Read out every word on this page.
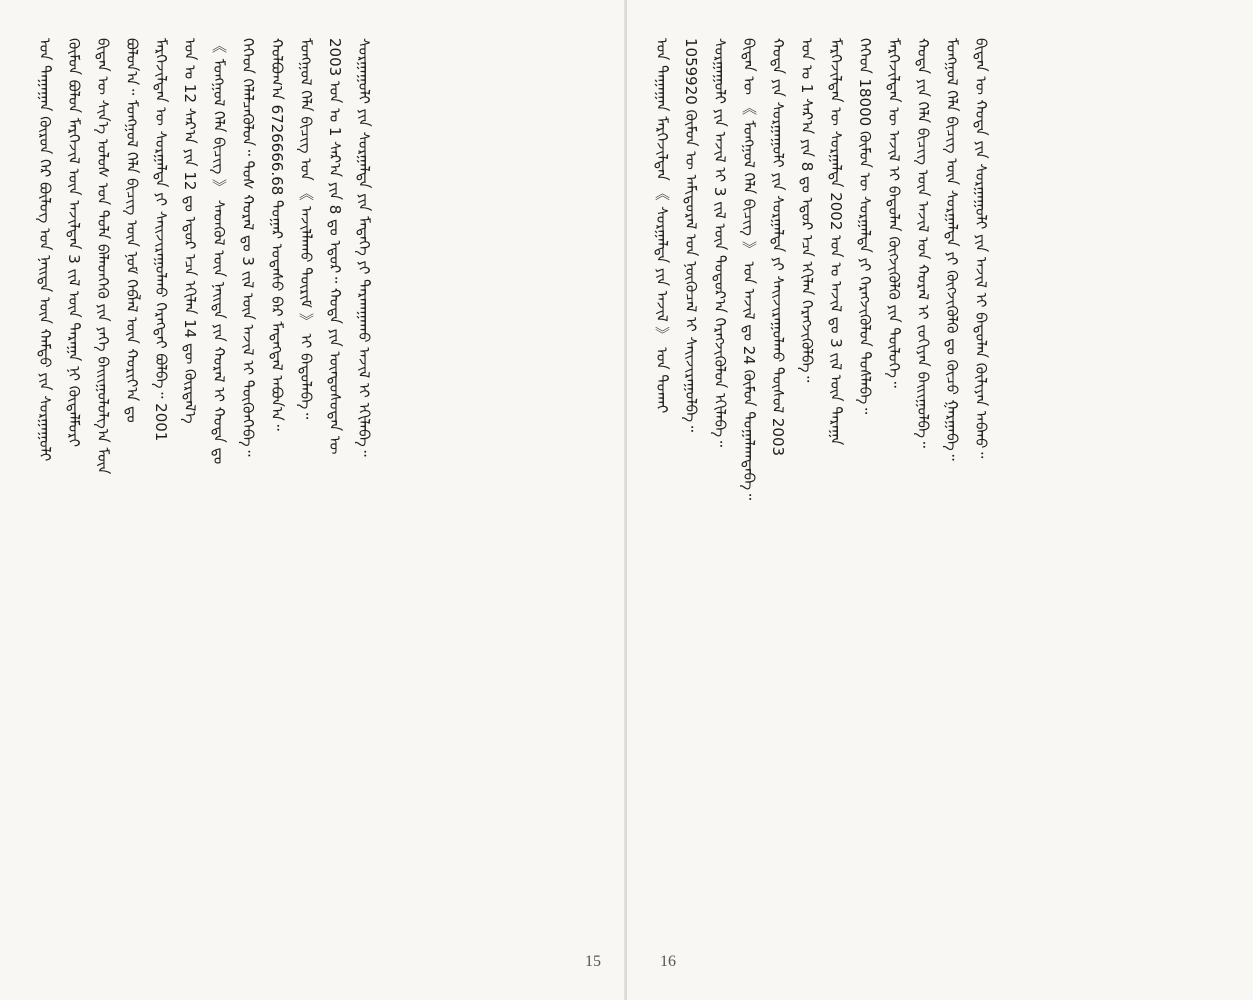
ᠤᠨ ᠳᠠᠭᠠᠭᠠᠨ ᠬᠦᠷᠦᠨ ᠭᠡᠷ ᠪᠦᠯᠦᠭ ᠤᠨ ᠨᠡᠢᠳᠡ ᠦᠨ ᠬᠠᠮᠲᠤ ᠶᠢᠨ ᠰᠤᠷᠭᠠᠭᠤᠯᠢ ᠬᠦᠮᠦᠨ ᠪᠤᠯᠤᠨ ᠮᠡᠷᠭᠡᠵᠢᠯ ᠦᠨ ᠠᠵᠢᠯᠲᠠᠨ 3 ᠵᠢᠯ ᠦᠨ ᠳᠠᠷᠠᠭᠠ ᠨᠢ ᠬᠦᠳᠡᠯᠮᠦᠷᠢ ᠪᠢᠳᠡᠨ ᠦ ᠰᠢᠨ᠎ᠡ ᠤᠯᠤᠰ ᠤᠨ ᠲᠤᠯᠠ ᠪᠡᠯᠡᠳᠬᠡᠬᠦ ᠶᠢᠨ ᠶᠡᠬᠡ ᠪᠠᠢᠢᠭᠤᠯᠤᠯᠭ᠎ᠠ ᠮᠦᠨ ᠪᠣᠯᠤᠨ᠎ᠠ᠃ ᠮᠣᠩᠭᠣᠯ ᠬᠡᠯᠡ ᠪᠢᠴᠢᠭ ᠦᠨ ᠨᠣᠮ ᠬᠡᠪᠯᠡᠯ ᠦᠨ ᠬᠣᠷᠢᠶ᠎ᠠ ᠳᠤ ᠮᠡᠷᠭᠡᠵᠢᠯᠲᠡᠨ ᠦ ᠰᠤᠷᠭᠠᠯᠲᠠ ᠶᠢ ᠰᠠᠢᠵᠢᠷᠠᠭᠤᠯᠬᠤ ᠬᠡᠷᠡᠭᠲᠡᠢ ᠪᠣᠯᠪᠠ᠃ 2001 ᠣᠨ ᠤ 12 ᠰᠠᠷ᠎ᠠ ᠶᠢᠨ 12 ᠳᠤ ᠡᠳᠦᠷ ᠡᠴᠡ ᠡᠬᠢᠯᠡᠨ 14 ᠳᠦ ᠬᠦᠷᠲᠡᠯ᠎ᠡ 《 ᠮᠣᠩᠭᠣᠯ ᠬᠡᠯᠡ ᠪᠢᠴᠢᠭ 》 ᠰᠡᠳᠬᠦᠯ ᠦᠨ ᠨᠡᠢᠳᠡ ᠶᠢᠨ ᠬᠤᠷᠠᠯ ᠢ ᠬᠣᠲᠠ ᠳᠤ ᠬᠡᠭᠡᠳ ᠬᠡᠯᠡᠯᠴᠡᠭᠦᠯᠦᠨ᠃ ᠲᠤᠰ ᠬᠤᠷᠠᠯ ᠳᠤ 3 ᠵᠢᠯ ᠦᠨ ᠠᠵᠢᠯ ᠢ ᠳᠦᠭᠦᠨᠬᠡᠪᠡ᠃ ᠬᠣᠯᠪᠣᠭ᠎ᠠ 6726666.68 ᠳᠤᠭᠠᠷ ᠤᠲᠠᠰᠤ ᠪᠠᠷ ᠮᠡᠳᠡᠭᠳᠡᠯ ᠠᠪᠤᠨ᠎ᠠ᠃ ᠮᠣᠩᠭᠣᠯ ᠬᠡᠯᠡ ᠪᠢᠴᠢᠭ ᠤᠨ 《 ᠠᠵᠢᠯᠯᠠᠬᠤ ᠳᠦᠷᠢᠮ 》 ᠢ ᠪᠠᠲᠤᠯᠠᠪᠠ᠃ 2003 ᠣᠨ ᠤ 1 ᠰᠠᠷ᠎ᠠ ᠶᠢᠨ 8 ᠳᠤ ᠡᠳᠦᠷ᠃ ᠬᠣᠲᠠ ᠶᠢᠨ ᠦᠨᠳᠦᠰᠦᠲᠡᠨ ᠦ ᠰᠤᠷᠭᠠᠭᠤᠯᠢ ᠶᠢᠨ ᠰᠤᠷᠭᠠᠯᠲᠠ ᠶᠢᠨ ᠮᠡᠳᠡᠭᠡ ᠶᠢ ᠲᠠᠷᠬᠠᠭᠠᠬᠤ ᠠᠵᠢᠯ ᠢ ᠡᠬᠢᠯᠡᠪᠡ᠃
15	16
ᠤᠨ ᠳᠠᠭᠠᠭᠠᠨ ᠮᠡᠷᠭᠡᠵᠢᠯᠲᠡᠨ 《 ᠰᠤᠷᠭᠠᠯᠲᠠ ᠶᠢᠨ ᠠᠵᠢᠯ 》 ᠤᠨ ᠲᠤᠬᠠᠢ 1059920 ᠬᠦᠮᠦᠨ ᠦ ᠠᠮᠢᠳᠤᠷᠠᠯ ᠤᠨ ᠨᠦᠬᠦᠴᠡᠯ ᠢ ᠰᠠᠢᠵᠢᠷᠠᠭᠤᠯᠪᠠ᠃ ᠰᠤᠷᠭᠠᠭᠤᠯᠢ ᠶᠢᠨ ᠠᠵᠢᠯ ᠢ 3 ᠵᠢᠯ ᠦᠨ ᠳᠤᠲᠤᠷ᠎ᠠ ᠬᠡᠷᠡᠭᠵᠢᠭᠦᠯᠦᠨ ᠡᠬᠢᠯᠡᠪᠡ᠃ ᠪᠢᠳᠡᠨ ᠦ 《 ᠮᠣᠩᠭᠣᠯ ᠬᠡᠯᠡ ᠪᠢᠴᠢᠭ 》 ᠤᠨ ᠠᠵᠢᠯ ᠳᠤ 24 ᠬᠦᠮᠦᠨ ᠲᠣᠭᠠᠯᠠᠭᠳᠠᠪᠠ᠃ ᠬᠣᠲᠠ ᠶᠢᠨ ᠰᠤᠷᠭᠠᠭᠤᠯᠢ ᠶᠢᠨ ᠰᠤᠷᠭᠠᠯᠲᠠ ᠶᠢ ᠰᠠᠢᠵᠢᠷᠠᠭᠤᠯᠬᠤ ᠲᠥᠰᠥᠯ 2003 ᠣᠨ ᠤ 1 ᠰᠠᠷ᠎ᠠ ᠶᠢᠨ 8 ᠳᠤ ᠡᠳᠦᠷ ᠡᠴᠡ ᠡᠬᠢᠯᠡᠨ ᠬᠡᠷᠡᠭᠵᠢᠭᠦᠯᠪᠡ᠃ ᠮᠡᠷᠭᠡᠵᠢᠯᠲᠡᠨ ᠦ ᠰᠤᠷᠭᠠᠯᠲᠠ 2002 ᠣᠨ ᠤ ᠠᠵᠢᠯ ᠳᠤ 3 ᠵᠢᠯ ᠦᠨ ᠳᠠᠷᠠᠭᠠ ᠬᠡᠭᠡᠳ 18000 ᠬᠦᠮᠦᠨ ᠦ ᠰᠤᠷᠭᠠᠯᠲᠠ ᠶᠢ ᠬᠡᠷᠡᠭᠵᠢᠭᠦᠯᠦᠨ ᠲᠤᠰᠯᠠᠪᠠ᠃ ᠮᠡᠷᠭᠡᠵᠢᠯᠲᠡᠨ ᠦ ᠠᠵᠢᠯ ᠢ ᠪᠠᠲᠤᠯᠠᠨ ᠬᠥᠭᠵᠢᠭᠦᠯᠬᠦ ᠶᠢᠨ ᠲᠥᠯᠦᠭᠡ᠃ ᠬᠣᠲᠠ ᠶᠢᠨ ᠬᠡᠯᠡ ᠪᠢᠴᠢᠭ ᠦᠨ ᠠᠵᠢᠯ ᠤᠨ ᠬᠤᠷᠠᠯ ᠢ ᠵᠣᠬᠢᠶᠠᠨ ᠪᠠᠢᠢᠭᠤᠯᠪᠠ᠃ ᠮᠣᠩᠭᠣᠯ ᠬᠡᠯᠡ ᠪᠢᠴᠢᠭ ᠦᠨ ᠰᠤᠷᠭᠠᠯᠲᠠ ᠶᠢ ᠬᠥᠭᠵᠢᠭᠦᠯᠬᠦ ᠳᠤ ᠬᠦᠴᠦ ᠭᠠᠷᠭᠠᠪᠠ᠃ ᠪᠢᠳᠡᠨ ᠦ ᠬᠣᠲᠠ ᠶᠢᠨ ᠰᠤᠷᠭᠠᠭᠤᠯᠢ ᠶᠢᠨ ᠠᠵᠢᠯ ᠢ ᠪᠠᠲᠤᠯᠠᠨ ᠬᠦᠯᠢᠶᠡᠨ ᠠᠪᠬᠤ᠃
